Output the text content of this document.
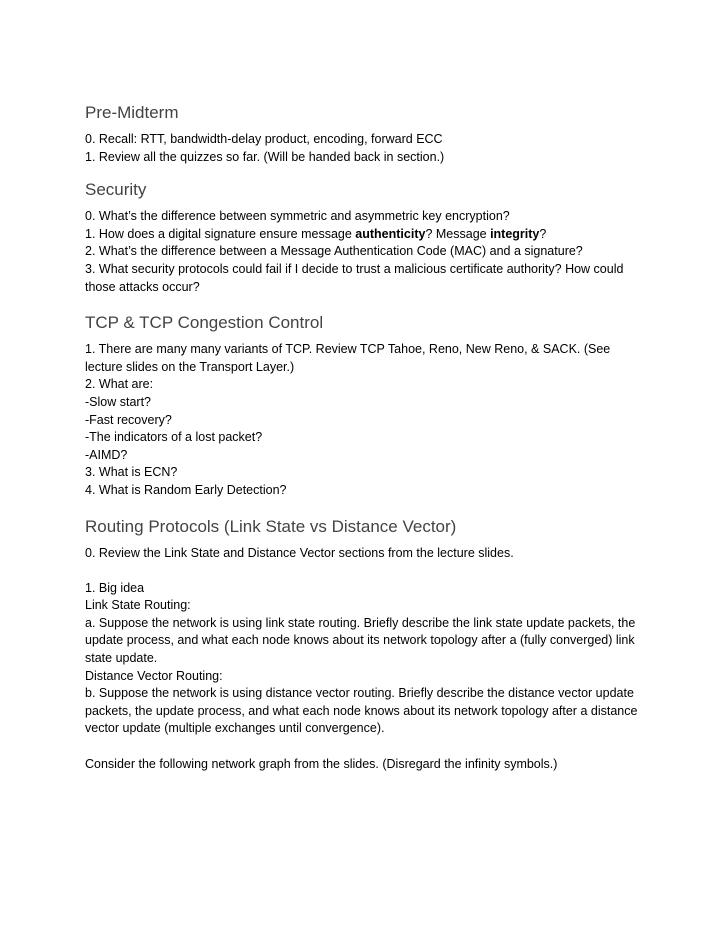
Pre-Midterm

0. Recall: RTT, bandwidth-delay product, encoding, forward ECC

1. Review all the quizzes so far. (Will be handed back in section.)

Security

0. What’s the difference between symmetric and asymmetric key encryption?

1. How does a digital signature ensure message authenticity? Message integrity?

2. What’s the difference between a Message Authentication Code (MAC) and a signature?

3. What security protocols could fail if I decide to trust a malicious certificate authority? How could those attacks occur?

TCP & TCP Congestion Control

1. There are many many variants of TCP. Review TCP Tahoe, Reno, New Reno, & SACK. (See lecture slides on the Transport Layer.)

2. What are:

-Slow start?

-Fast recovery?

-The indicators of a lost packet?

-AIMD?

3. What is ECN?

4. What is Random Early Detection?

Routing Protocols (Link State vs Distance Vector)

0. Review the Link State and Distance Vector sections from the lecture slides.

1. Big idea

Link State Routing:

a. Suppose the network is using link state routing. Briefly describe the link state update packets, the update process, and what each node knows about its network topology after a (fully converged) link state update.

Distance Vector Routing:

b. Suppose the network is using distance vector routing. Briefly describe the distance vector update packets, the update process, and what each node knows about its network topology after a distance vector update (multiple exchanges until convergence).

Consider the following network graph from the slides. (Disregard the infinity symbols.)
